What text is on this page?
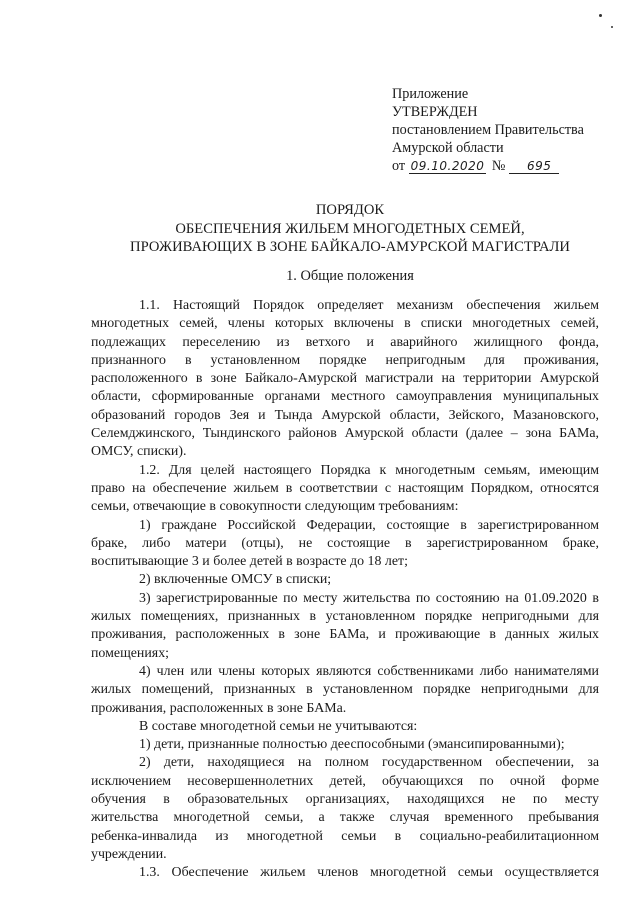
Приложение
УТВЕРЖДЕН
постановлением Правительства
Амурской области
от 09.10.2020 № 695
ПОРЯДОК
ОБЕСПЕЧЕНИЯ ЖИЛЬЕМ МНОГОДЕТНЫХ СЕМЕЙ,
ПРОЖИВАЮЩИХ В ЗОНЕ БАЙКАЛО-АМУРСКОЙ МАГИСТРАЛИ
1. Общие положения
1.1. Настоящий Порядок определяет механизм обеспечения жильем
многодетных семей, члены которых включены в списки многодетных семей,
подлежащих переселению из ветхого и аварийного жилищного фонда,
признанного в установленном порядке непригодным для проживания,
расположенного в зоне Байкало-Амурской магистрали на территории Амурской
области, сформированные органами местного самоуправления муниципальных
образований городов Зея и Тында Амурской области, Зейского, Мазановского,
Селемджинского, Тындинского районов Амурской области (далее – зона БАМа,
ОМСУ, списки).
1.2. Для целей настоящего Порядка к многодетным семьям, имеющим
право на обеспечение жильем в соответствии с настоящим Порядком, относятся
семьи, отвечающие в совокупности следующим требованиям:
1) граждане Российской Федерации, состоящие в зарегистрированном
браке, либо матери (отцы), не состоящие в зарегистрированном браке,
воспитывающие 3 и более детей в возрасте до 18 лет;
2) включенные ОМСУ в списки;
3) зарегистрированные по месту жительства по состоянию на 01.09.2020 в
жилых помещениях, признанных в установленном порядке непригодными для
проживания, расположенных в зоне БАМа, и проживающие в данных жилых
помещениях;
4) член или члены которых являются собственниками либо нанимателями
жилых помещений, признанных в установленном порядке непригодными для
проживания, расположенных в зоне БАМа.
В составе многодетной семьи не учитываются:
1) дети, признанные полностью дееспособными (эмансипированными);
2) дети, находящиеся на полном государственном обеспечении, за
исключением несовершеннолетних детей, обучающихся по очной форме
обучения в образовательных организациях, находящихся не по месту
жительства многодетной семьи, а также случая временного пребывания
ребенка-инвалида из многодетной семьи в социально-реабилитационном
учреждении.
1.3. Обеспечение жильем членов многодетной семьи осуществляется
